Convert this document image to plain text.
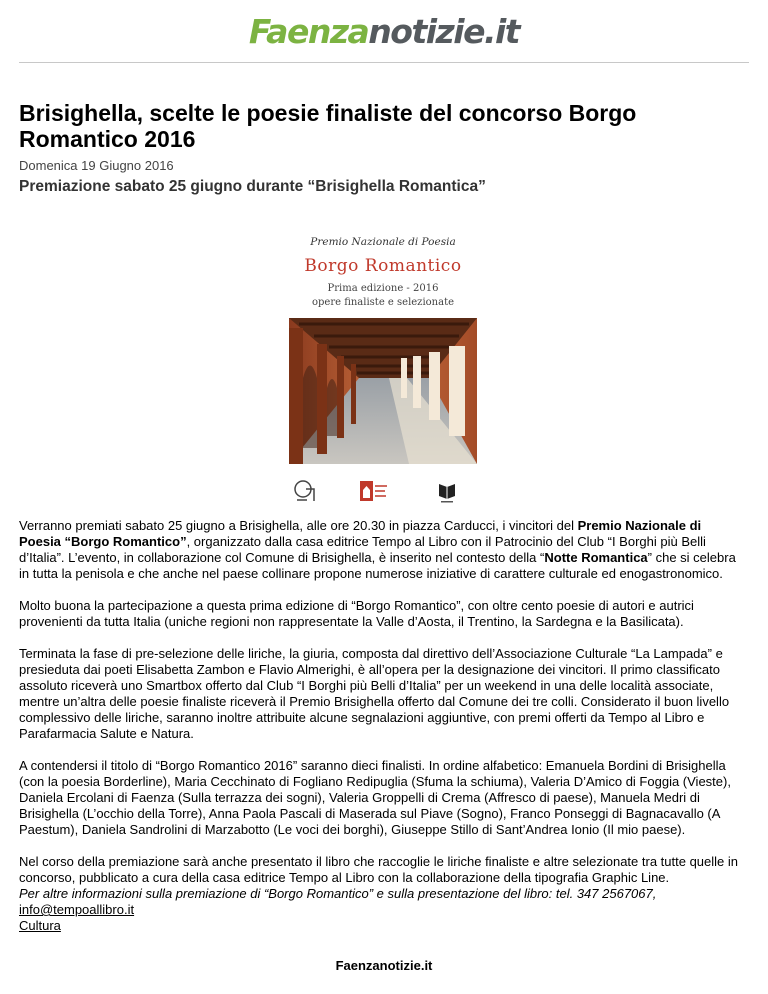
Faenzanotizie.it
Brisighella, scelte le poesie finaliste del concorso Borgo Romantico 2016
Domenica 19 Giugno 2016
Premiazione sabato 25 giugno durante “Brisighella Romantica”
Premio Nazionale di Poesia
Borgo Romantico
Prima edizione - 2016
opere finaliste e selezionate

Verranno premiati sabato 25 giugno a Brisighella, alle ore 20.30 in piazza Carducci, i vincitori del Premio Nazionale di Poesia “Borgo Romantico”, organizzato dalla casa editrice Tempo al Libro con il Patrocinio del Club “I Borghi più Belli d’Italia”. L’evento, in collaborazione col Comune di Brisighella, è inserito nel contesto della “Notte Romantica” che si celebra in tutta la penisola e che anche nel paese collinare propone numerose iniziative di carattere culturale ed enogastronomico.

Molto buona la partecipazione a questa prima edizione di “Borgo Romantico”, con oltre cento poesie di autori e autrici provenienti da tutta Italia (uniche regioni non rappresentate la Valle d’Aosta, il Trentino, la Sardegna e la Basilicata).

Terminata la fase di pre-selezione delle liriche, la giuria, composta dal direttivo dell’Associazione Culturale “La Lampada” e presieduta dai poeti Elisabetta Zambon e Flavio Almerighi, è all’opera per la designazione dei vincitori. Il primo classificato assoluto riceverà uno Smartbox offerto dal Club “I Borghi più Belli d’Italia” per un weekend in una delle località associate, mentre un’altra delle poesie finaliste riceverà il Premio Brisighella offerto dal Comune dei tre colli. Considerato il buon livello complessivo delle liriche, saranno inoltre attribuite alcune segnalazioni aggiuntive, con premi offerti da Tempo al Libro e Parafarmacia Salute e Natura.

A contendersi il titolo di “Borgo Romantico 2016” saranno dieci finalisti. In ordine alfabetico: Emanuela Bordini di Brisighella (con la poesia Borderline), Maria Cecchinato di Fogliano Redipuglia (Sfuma la schiuma), Valeria D’Amico di Foggia (Vieste), Daniela Ercolani di Faenza (Sulla terrazza dei sogni), Valeria Groppelli di Crema (Affresco di paese), Manuela Medri di Brisighella (L’occhio della Torre), Anna Paola Pascali di Maserada sul Piave (Sogno), Franco Ponseggi di Bagnacavallo (A Paestum), Daniela Sandrolini di Marzabotto (Le voci dei borghi), Giuseppe Stillo di Sant’Andrea Ionio (Il mio paese).

Nel corso della premiazione sarà anche presentato il libro che raccoglie le liriche finaliste e altre selezionate tra tutte quelle in concorso, pubblicato a cura della casa editrice Tempo al Libro con la collaborazione della tipografia Graphic Line.
Per altre informazioni sulla premiazione di “Borgo Romantico” e sulla presentazione del libro: tel. 347 2567067,
info@tempoallibro.it
Cultura
Faenzanotizie.it
